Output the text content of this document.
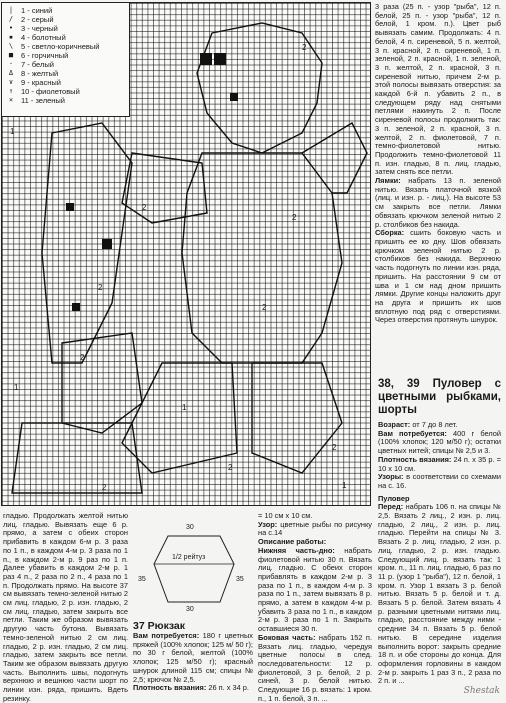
|	1 - синий
/	2 - серый
•	3 - черный
▪	4 - болотный
\	5 - светло-коричневый
■	6 - горчичный
·	7 - белый
Δ	8 - желтый
∨	9 - красный
↑	10 - фиолетовый
×	11 - зеленый
1
2
2
2
1
2
1
2
1
2
2
2
2

3 раза (25 п. - узор "рыба", 12 п. белой, 25 п. - узор "рыба", 12 п. белой, 1 кром. п.). Цвет рыб вывязать самим. Продолжать: 4 п. белой, 4 п. сиреневой, 5 п. желтой, 3 п. красной, 2 п. сиреневой, 1 п. зеленой, 2 п. красной, 1 п. зеленой, 3 п. желтой, 2 п. красной, 3 п. сиреневой нитью, причем 2-м р. этой полосы вывязать отверстия: за каждой 6-й п. убавить 2 п., в следующем ряду над снятыми петлями накинуть 2 п. После сиреневой полосы продолжить так: 3 п. зеленой, 2 п. красной, 3 п. желтой, 2 п. фиолетовой, 7 п. темно-фиолетовой нитью. Продолжить темно-фиолетовой 11 п. изн. гладью, 8 п. лиц. гладью, затем снять все петли.

Лямки: набрать 13 п. зеленой нитью. Вязать платочной вязкой (лиц. и изн. р. - лиц.). На высоте 53 см закрыть все петли. Лямки обвязать крючком зеленой нитью 2 р. столбиков без накида.

Сборка: сшить боковую часть и пришить ее ко дну. Шов обвязать крючком зеленой нитью 2 р. столбиков без накида. Верхнюю часть подогнуть по линии изн. ряда, пришить. На расстоянии 9 см от шва и 1 см над дном пришить лямки. Другие концы наложить друг на друга и пришить их шов вплотную под ряд с отверстиями. Через отверстия протянуть шнурок.

38, 39 Пуловер с цветными рыбками, шорты

Возраст: от 7 до 8 лет.

Вам потребуется: 400 г белой (100% хлопок; 120 м/50 г); остатки цветных нитей; спицы № 2,5 и 3.

Плотность вязания: 24 п. x 35 р. = 10 x 10 см.

Узоры: в соответствии со схемами на с. 16.

Пуловер

Перед: набрать 106 п. на спицы № 2,5. Вязать 2 лиц., 2 изн. р. лиц. гладью, 2 лиц., 2 изн. р. лиц. гладью. Перейти на спицы № 3. Вязать 2 р. лиц. гладью, 2 изн. р. лиц. гладью, 2 р. изн. гладью. Следующий лиц. р. вязать так: 1 кром. п., 11 п. лиц. гладью, 6 раз по 11 р. (узор 1 "рыба"), 12 п. белой, 1 кром. п. Узор 1 вязать 3 р. белой нитью. Вязать 5 р. белой и т. д. Вязать 5 р. белой. Затем вязать 4 р. разными цветными нитями лиц. гладью, расстояние между ними - средние 34 п. Вязать 5 р. белой нитью. В середине изделия выполнить ворот: закрыть средние 18 п. и обе стороны до конца. Для оформления горловины в каждом 2-м р. закрыть 1 раз 3 п., 2 раза по 2 п. и ...

гладью. Продолжать желтой нитью лиц. гладью. Вывязать еще 6 р. прямо, а затем с обеих сторон прибавить в каждом 6-м р. 3 раза по 1 п., в каждом 4-м р. 3 раза по 1 п., в каждом 2-м р. 9 раз по 1 п. Далее убавить в каждом 2-м р. 1 раз 4 п., 2 раза по 2 п., 4 раза по 1 п. Продолжать прямо. На высоте 37 см вывязать темно-зеленой нитью 2 см лиц. гладью, 2 р. изн. гладью, 2 см лиц. гладью, затем закрыть все петли. Таким же образом вывязать другую часть бутона. Вывязать темно-зеленой нитью 2 см лиц. гладью, 2 р. изн. гладью, 2 см лиц. гладью, затем закрыть все петли. Таким же образом вывязать другую часть. Выполнить швы, подогнуть верхнюю и вешнюю части шорт по линии изн. ряда, пришить. Вдеть резинку.

30
1/2 рейтуз
35	35
30
37 Рюкзак

Вам потребуется: 180 г цветных пряжей (100% хлопок; 125 м/ 50 г); по 30 г белой, желтой (100% хлопок; 125 м/50 г); красный шнурок длиной 115 см; спицы № 2,5; крючок № 2,5.

Плотность вязания: 26 п. x 34 р.

= 10 см x 10 см.

Узор: цветные рыбы по рисунку на с.14

Описание работы:

Нижняя часть-дно: набрать фиолетовой нитью 30 п. Вязать лиц. гладью. С обеих сторон прибавлять в каждом 2-м р. 3 раза по 1 п., в каждом 4-м р. 3 раза по 1 п., затем вывязать 8 р. прямо, а затем в каждом 4-м р. убавить 3 раза по 1 п., в каждом 2-м р. 3 раза по 1 п. Закрыть оставшиеся 30 п.

Боковая часть: набрать 152 п. Вязать лиц. гладью, чередуя цветные полосы в след. последовательности: 12 р. фиолетовой, 3 р. белой, 2 р. синей, 3 р. белой нитью. Следующие 16 р. вязать: 1 кром. п., 1 п. белой, 3 п. ...

Shestak
